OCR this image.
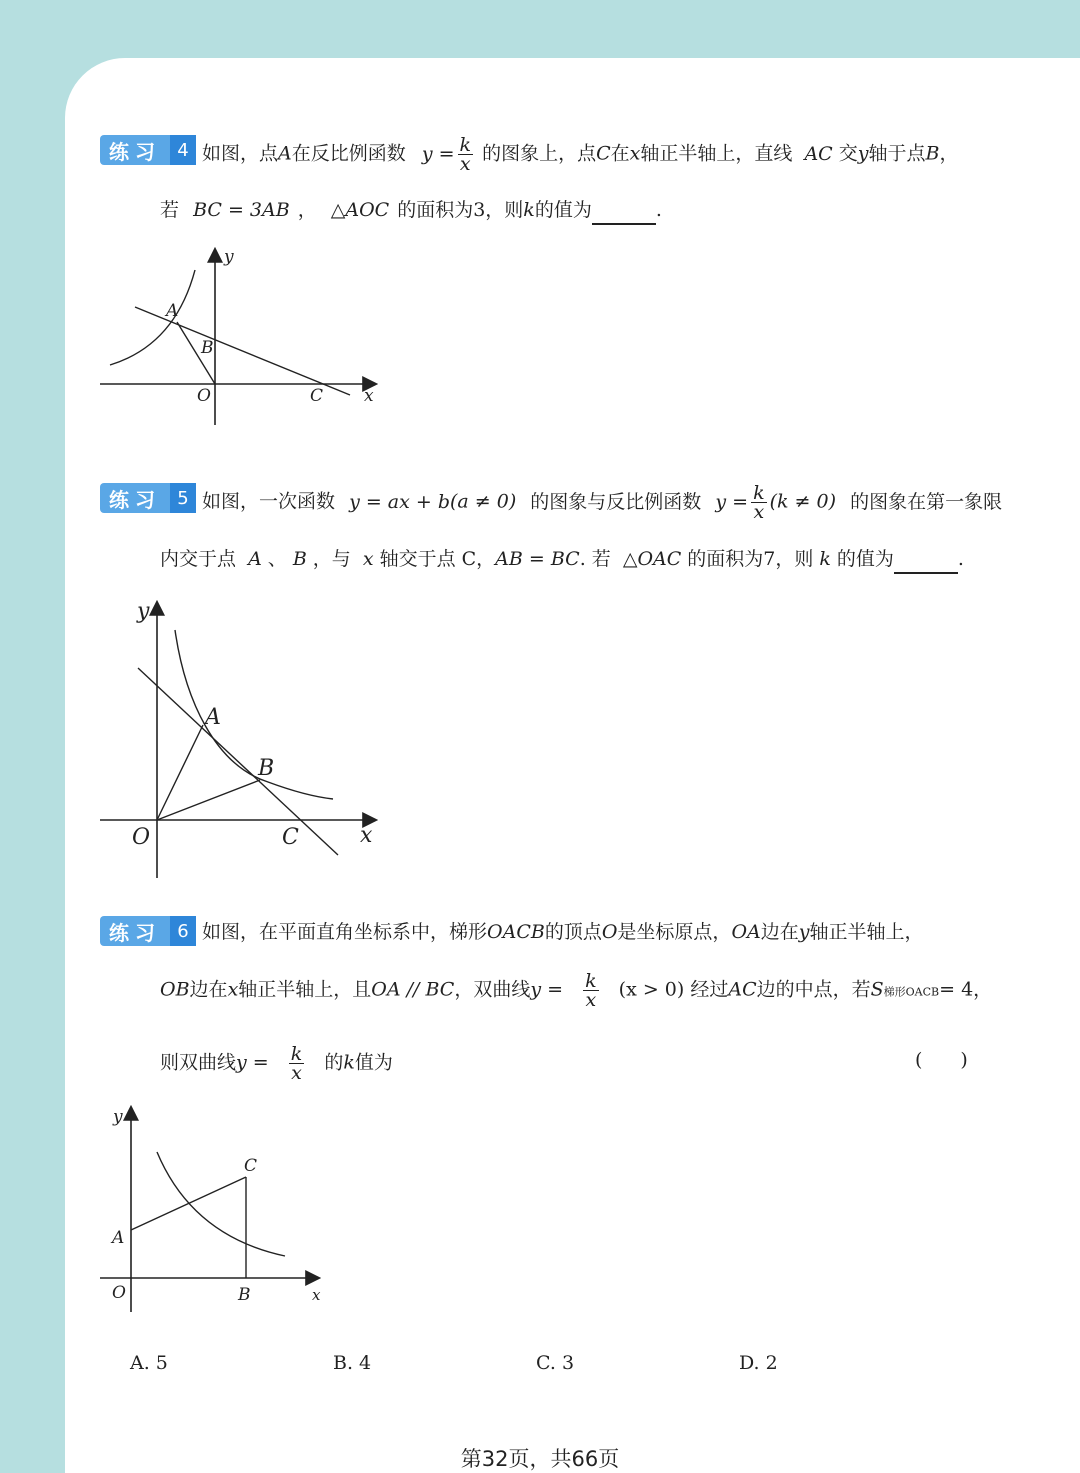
练习 4 如图，点A在反比例函数 $y = \frac{k}{x}$ 的图象上，点C在x轴正半轴上，直线 AC 交y轴于点B，
若 BC = 3AB ， △AOC 的面积为3，则k的值为	.
y
x
A
B
O	C
练习 5 如图，一次函数 y = ax + b(a ≠ 0) 的图象与反比例函数 $y = \frac{k}{x} (k \ne 0)$ 的图象在第一象限
内交于点 A 、 B ，与 x 轴交于点 C，AB = BC. 若 △OAC 的面积为7，则 k 的值为	.
y
x
A
B
O	C
练习 6 如图，在平面直角坐标系中，梯形OACB的顶点O是坐标原点，OA边在y轴正半轴上，
OB边在x轴正半轴上，且OA // BC，双曲线$y = \frac{k}{x} (x > 0)$ 经过AC边的中点，若S梯形OACB= 4，
则双曲线$y = \frac{k}{x}$ 的k值为	(　　)
y
x
A
B
O
C
A. 5	B. 4	C. 3	D. 2
第32页，共66页
